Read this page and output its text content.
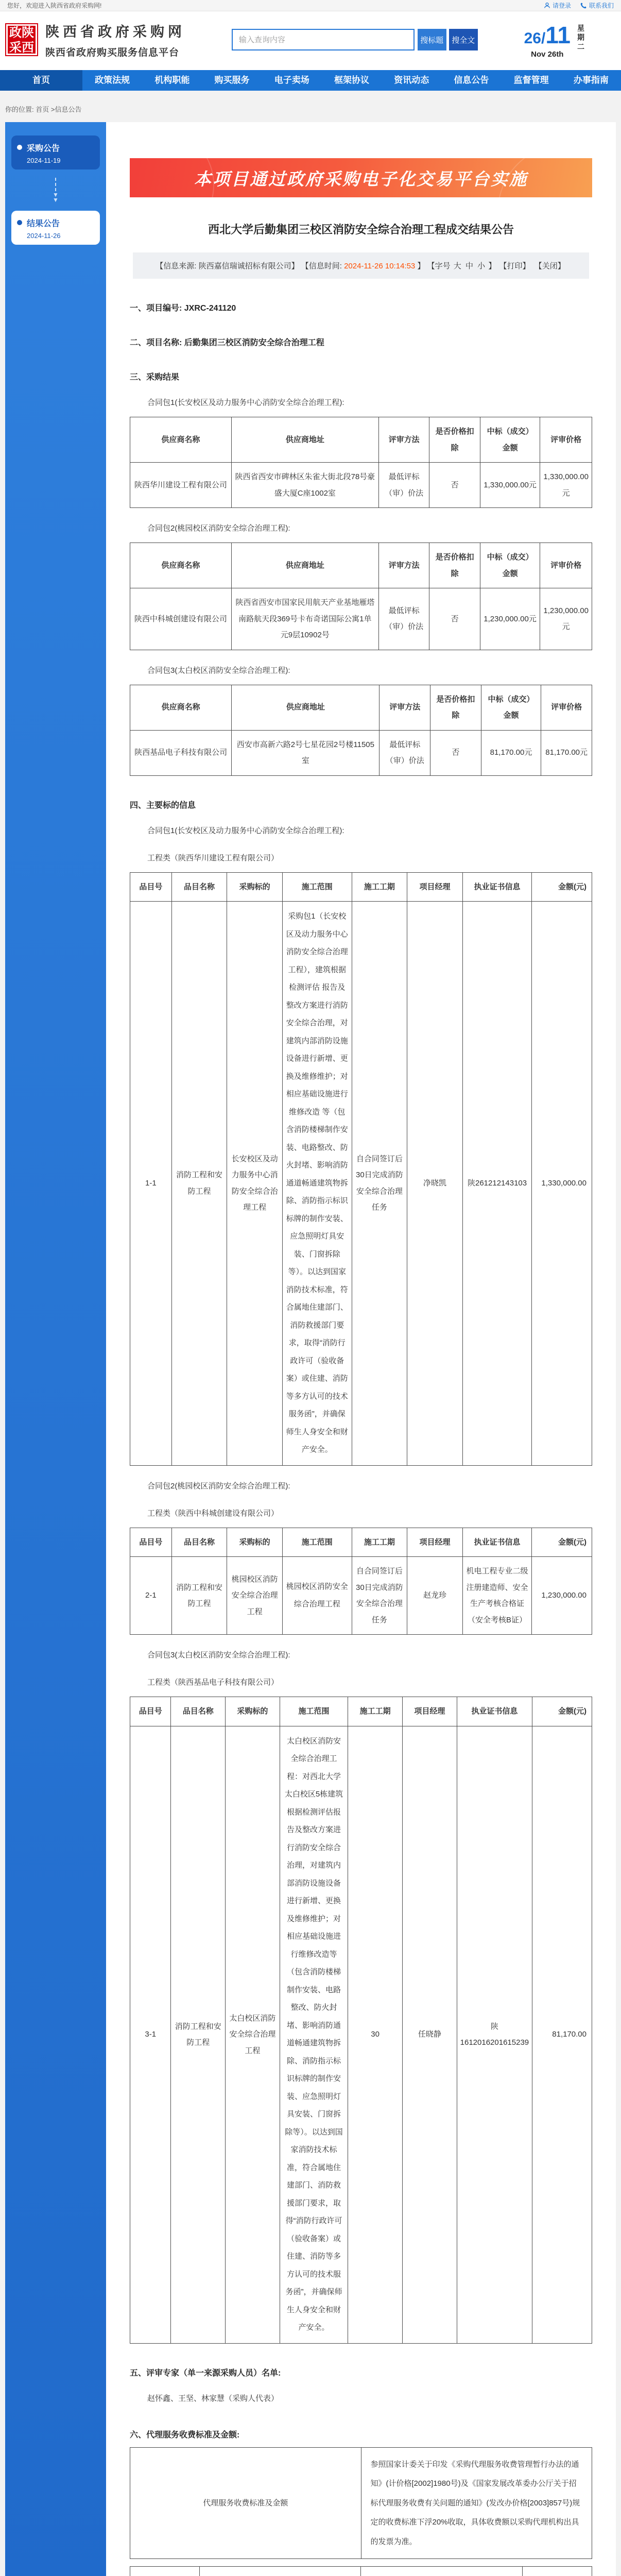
您好，欢迎进入陕西省政府采购网!	请登录	联系我们
政陕
采西
陕西省政府采购网
陕西省政府购买服务信息平台
输入查询内容
搜标题	搜全文	26/11
Nov 26th
星期二
首页	政策法规	机构职能	购买服务	电子卖场	框架协议	资讯动态	信息公告	监督管理	办事指南
你的位置: 首页 >信息公告
采购公告
2024-11-19
▼
▼
结果公告
2024-11-26
本项目通过政府采购电子化交易平台实施
西北大学后勤集团三校区消防安全综合治理工程成交结果公告
【信息来源: 陕西嘉信瑞诚招标有限公司】 【信息时间: 2024-11-26 10:14:53 】 【字号 大 中 小 】 【打印】 【关闭】
一、项目编号: JXRC-241120
二、项目名称: 后勤集团三校区消防安全综合治理工程
三、采购结果
合同包1(长安校区及动力服务中心消防安全综合治理工程):
供应商名称	供应商地址	评审方法	是否价格扣除	中标（成交）金额	评审价格
陕西华川建设工程有限公司	陕西省西安市碑林区朱雀大街北段78号豪盛大厦C座1002室	最低评标（审）价法	否	1,330,000.00元	1,330,000.00元
合同包2(桃园校区消防安全综合治理工程):
供应商名称	供应商地址	评审方法	是否价格扣除	中标（成交）金额	评审价格
陕西中科城创建设有限公司	陕西省西安市国家民用航天产业基地雁塔南路航天段369号卡布奇诺国际公寓1单元9层10902号	最低评标（审）价法	否	1,230,000.00元	1,230,000.00元
合同包3(太白校区消防安全综合治理工程):
供应商名称	供应商地址	评审方法	是否价格扣除	中标（成交）金额	评审价格
陕西基品电子科技有限公司	西安市高新六路2号七星花园2号楼11505室	最低评标（审）价法	否	81,170.00元	81,170.00元
四、主要标的信息
合同包1(长安校区及动力服务中心消防安全综合治理工程):
工程类（陕西华川建设工程有限公司）
品目号	品目名称	采购标的	施工范围	施工工期	项目经理	执业证书信息	金额(元)
1-1	消防工程和安防工程	长安校区及动力服务中心消防安全综合治理工程	采购包1（长安校区及动力服务中心消防安全综合治理工程），建筑根据检测评估 报告及整改方案进行消防安全综合治理，对建筑内部消防设施设备进行新增、更换及维修维护；对相应基础设施进行维修改造 等（包含消防楼梯制作安装、电路整改、防火封堵、影响消防通道畅通建筑物拆除、消防指示标识标牌的制作安装、应急照明灯具安装、门窗拆除等）。以达到国家消防技术标准，符合属地住建部门、消防救援部门要求，取得“消防行政许可（验收备 案）或住建、消防等多方认可的技术服务函”，并确保师生人身安全和财产安全。	自合同签订后30日完成消防安全综合治理任务	净晓凯	陕261212143103	1,330,000.00
合同包2(桃园校区消防安全综合治理工程):
工程类（陕西中科城创建设有限公司）
品目号	品目名称	采购标的	施工范围	施工工期	项目经理	执业证书信息	金额(元)
2-1	消防工程和安防工程	桃园校区消防安全综合治理工程	桃园校区消防安全综合治理工程	自合同签订后30日完成消防安全综合治理任务	赵龙珍	机电工程专业二级注册建造师、安全生产考核合格证（安全考核B证）	1,230,000.00
合同包3(太白校区消防安全综合治理工程):
工程类（陕西基品电子科技有限公司）
品目号	品目名称	采购标的	施工范围	施工工期	项目经理	执业证书信息	金额(元)
3-1	消防工程和安防工程	太白校区消防安全综合治理工程	太白校区消防安全综合治理工程：对西北大学太白校区5栋建筑根据检测评估报告及整改方案进行消防安全综合治理，对建筑内部消防设施设备进行新增、更换及维修维护；对相应基础设施进行维修改造等（包含消防楼梯制作安装、电路整改、防火封堵、影响消防通道畅通建筑物拆除、消防指示标识标牌的制作安装、应急照明灯具安装、门窗拆除等）。以达到国家消防技术标准，符合属地住建部门、消防救援部门要求，取得“消防行政许可（验收备案）或住建、消防等多方认可的技术服务函”，并确保师生人身安全和财产安全。	30	任晓静	陕1612016201615239	81,170.00
五、评审专家（单一来源采购人员）名单:
赵怀鑫、王坚、林家慧（采购人代表）
六、代理服务收费标准及金额:
代理服务收费标准及金额	参照国家计委关于印发《采购代理服务收费管理暂行办法的通知》(计价格[2002]1980号)及《国家发展改革委办公厅关于招标代理服务收费有关问题的通知》(发改办价格[2003]857号)规定的收费标准下浮20%收取，具体收费额以采购代理机构出具的发票为准。
